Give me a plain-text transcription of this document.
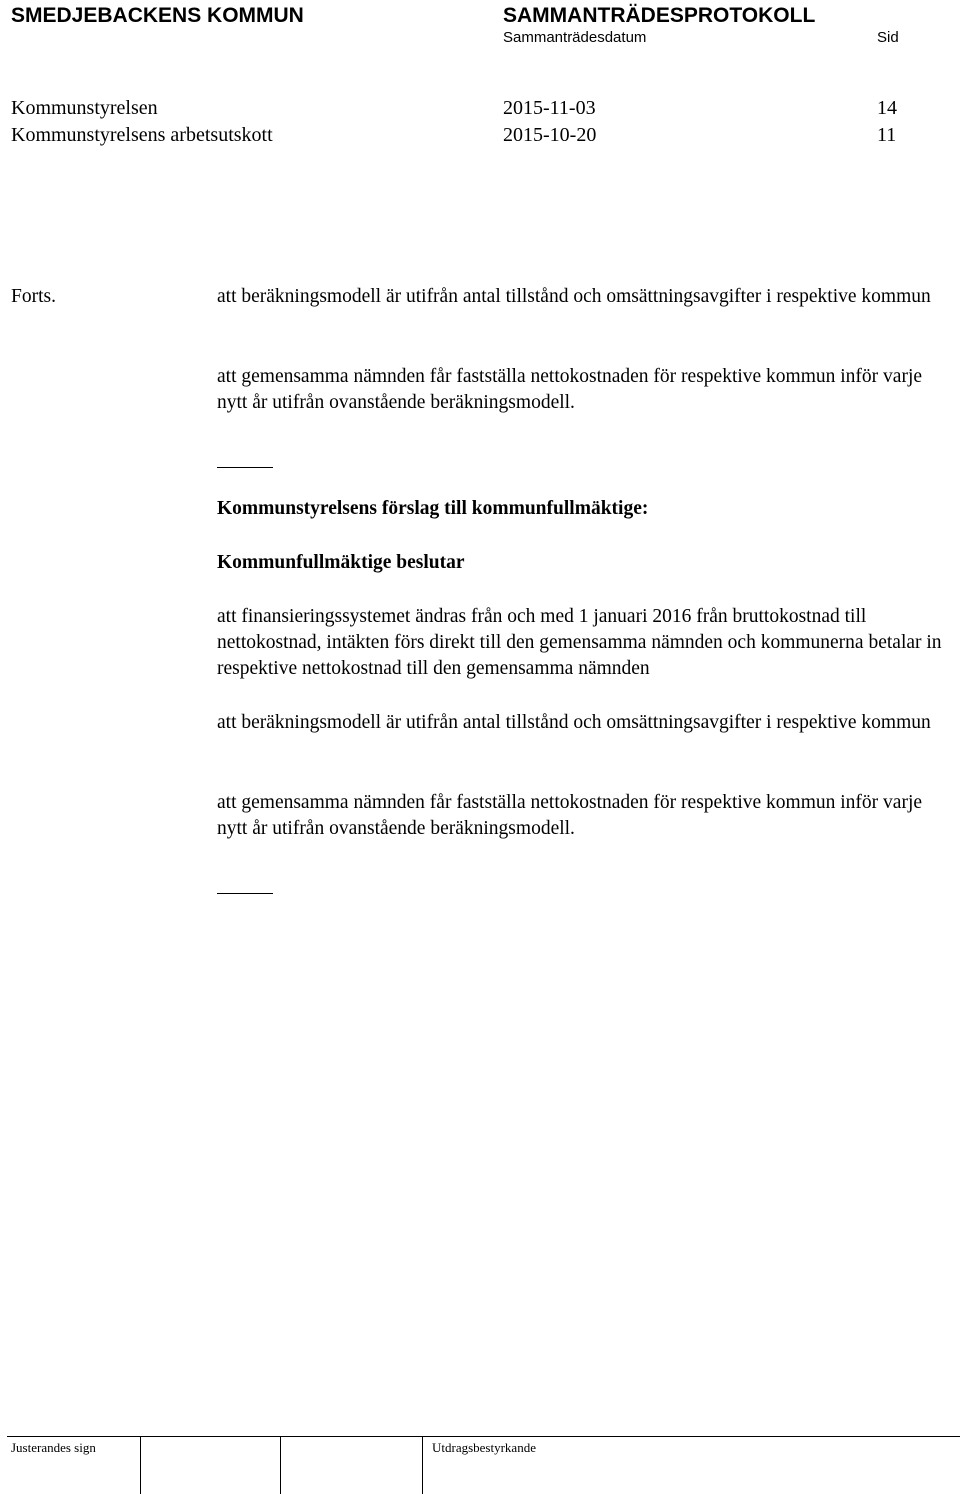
SMEDJEBACKENS KOMMUN	SAMMANTRÄDESPROTOKOLL
Sammanträdesdatum	Sid
Kommunstyrelsen	2015-11-03	14
Kommunstyrelsens arbetsutskott	2015-10-20	11
Forts.	att beräkningsmodell är utifrån antal tillstånd och omsättningsavgifter i respektive kommun
att gemensamma nämnden får fastställa nettokostnaden för respektive kommun inför varje nytt år utifrån ovanstående beräkningsmodell.
Kommunstyrelsens förslag till kommunfullmäktige:
Kommunfullmäktige beslutar
att finansieringssystemet ändras från och med 1 januari 2016 från bruttokostnad till nettokostnad, intäkten förs direkt till den gemensamma nämnden och kommunerna betalar in respektive nettokostnad till den gemensamma nämnden
att beräkningsmodell är utifrån antal tillstånd och omsättningsavgifter i respektive kommun
att gemensamma nämnden får fastställa nettokostnaden för respektive kommun inför varje nytt år utifrån ovanstående beräkningsmodell.
Justerandes sign	Utdragsbestyrkande
